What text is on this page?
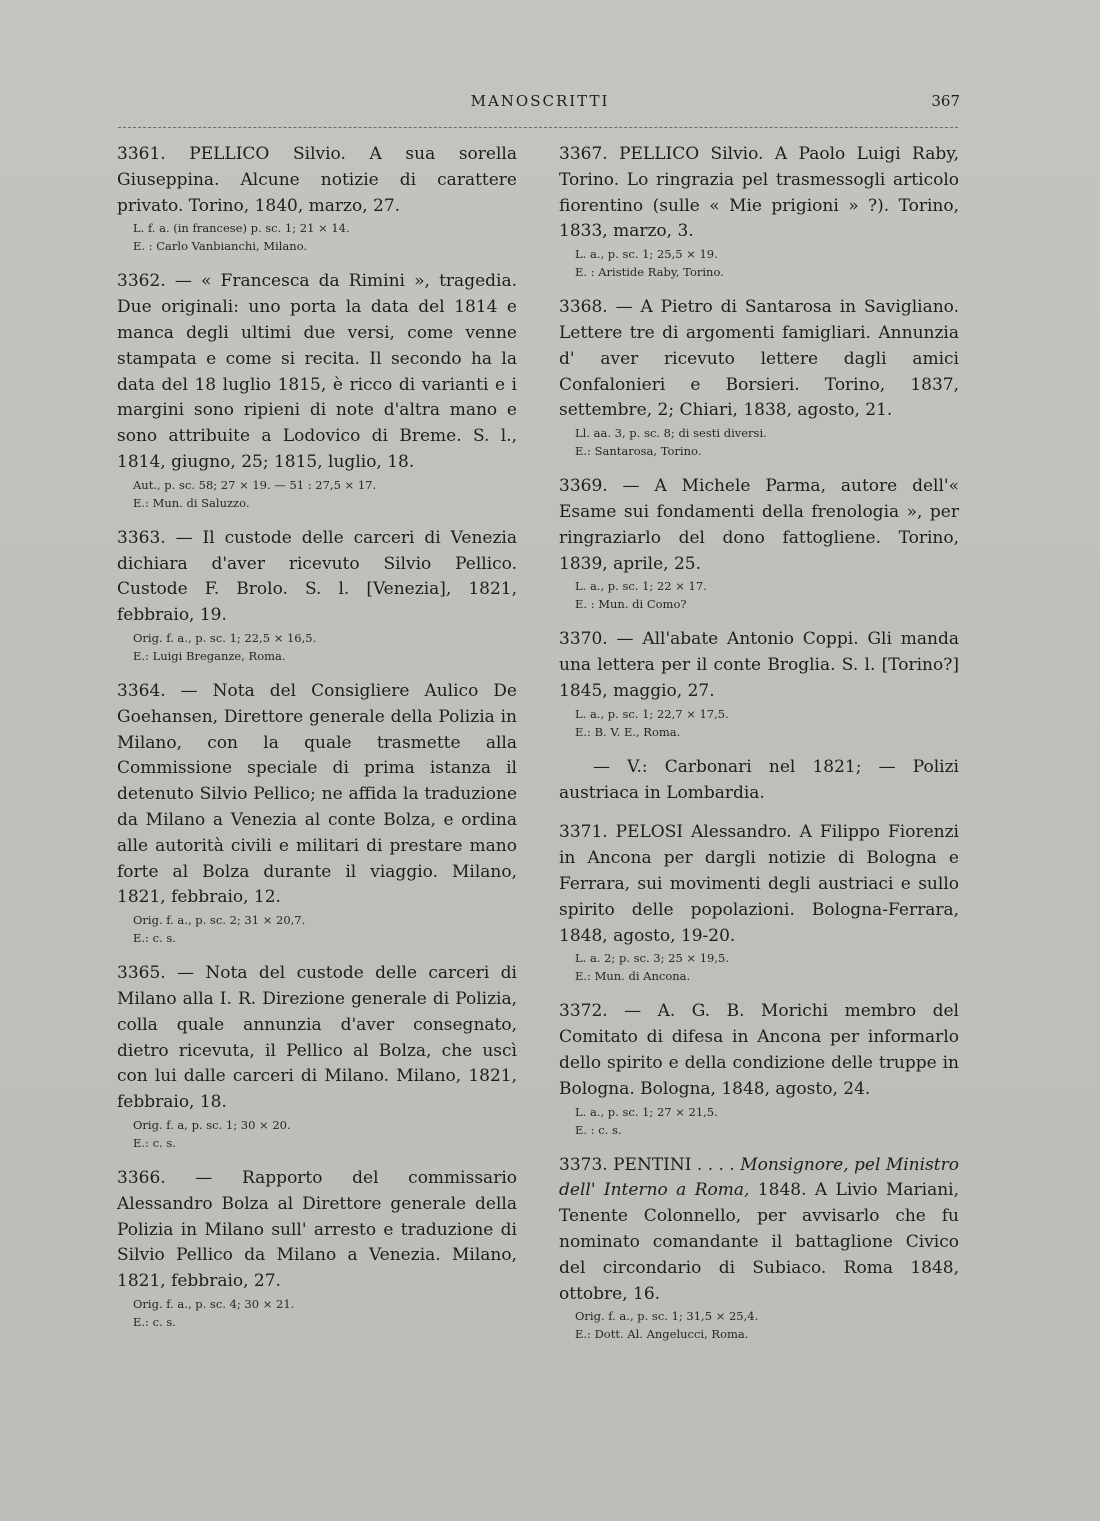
MANOSCRITTI	367

3361. PELLICO Silvio. A sua sorella Giuseppina. Alcune notizie di carattere privato. Torino, 1840, marzo, 27.

L. f. a. (in francese) p. sc. 1; 21 × 14.

E. : Carlo Vanbianchi, Milano.

3362. — « Francesca da Rimini », tragedia. Due originali: uno porta la data del 1814 e manca degli ultimi due versi, come venne stampata e come si recita. Il secondo ha la data del 18 luglio 1815, è ricco di varianti e i margini sono ripieni di note d'altra mano e sono attribuite a Lodovico di Breme. S. l., 1814, giugno, 25; 1815, luglio, 18.

Aut., p. sc. 58; 27 × 19. — 51 : 27,5 × 17.

E.: Mun. di Saluzzo.

3363. — Il custode delle carceri di Venezia dichiara d'aver ricevuto Silvio Pellico. Custode F. Brolo. S. l. [Venezia], 1821, febbraio, 19.

Orig. f. a., p. sc. 1; 22,5 × 16,5.

E.: Luigi Breganze, Roma.

3364. — Nota del Consigliere Aulico De Goehansen, Direttore generale della Polizia in Milano, con la quale trasmette alla Commissione speciale di prima istanza il detenuto Silvio Pellico; ne affida la traduzione da Milano a Venezia al conte Bolza, e ordina alle autorità civili e militari di prestare mano forte al Bolza durante il viaggio. Milano, 1821, febbraio, 12.

Orig. f. a., p. sc. 2; 31 × 20,7.

E.: c. s.

3365. — Nota del custode delle carceri di Milano alla I. R. Direzione generale di Polizia, colla quale annunzia d'aver consegnato, dietro ricevuta, il Pellico al Bolza, che uscì con lui dalle carceri di Milano. Milano, 1821, febbraio, 18.

Orig. f. a, p. sc. 1; 30 × 20.

E.: c. s.

3366. — Rapporto del commissario Alessandro Bolza al Direttore generale della Polizia in Milano sull' arresto e traduzione di Silvio Pellico da Milano a Venezia. Milano, 1821, febbraio, 27.

Orig. f. a., p. sc. 4; 30 × 21.

E.: c. s.

3367. PELLICO Silvio. A Paolo Luigi Raby, Torino. Lo ringrazia pel trasmessogli articolo fiorentino (sulle « Mie prigioni » ?). Torino, 1833, marzo, 3.

L. a., p. sc. 1; 25,5 × 19.

E. : Aristide Raby, Torino.

3368. — A Pietro di Santarosa in Savigliano. Lettere tre di argomenti famigliari. Annunzia d' aver ricevuto lettere dagli amici Confalonieri e Borsieri. Torino, 1837, settembre, 2; Chiari, 1838, agosto, 21.

Ll. aa. 3, p. sc. 8; di sesti diversi.

E.: Santarosa, Torino.

3369. — A Michele Parma, autore dell'« Esame sui fondamenti della frenologia », per ringraziarlo del dono fattogliene. Torino, 1839, aprile, 25.

L. a., p. sc. 1; 22 × 17.

E. : Mun. di Como?

3370. — All'abate Antonio Coppi. Gli manda una lettera per il conte Broglia. S. l. [Torino?] 1845, maggio, 27.

L. a., p. sc. 1; 22,7 × 17,5.

E.: B. V. E., Roma.

— V.: Carbonari nel 1821; — Polizi austriaca in Lombardia.

3371. PELOSI Alessandro. A Filippo Fiorenzi in Ancona per dargli notizie di Bologna e Ferrara, sui movimenti degli austriaci e sullo spirito delle popolazioni. Bologna-Ferrara, 1848, agosto, 19-20.

L. a. 2; p. sc. 3; 25 × 19,5.

E.: Mun. di Ancona.

3372. — A. G. B. Morichi membro del Comitato di difesa in Ancona per informarlo dello spirito e della condizione delle truppe in Bologna. Bologna, 1848, agosto, 24.

L. a., p. sc. 1; 27 × 21,5.

E. : c. s.

3373. PENTINI . . . . Monsignore, pel Ministro dell' Interno a Roma, 1848. A Livio Mariani, Tenente Colonnello, per avvisarlo che fu nominato comandante il battaglione Civico del circondario di Subiaco. Roma 1848, ottobre, 16.

Orig. f. a., p. sc. 1; 31,5 × 25,4.

E.: Dott. Al. Angelucci, Roma.
